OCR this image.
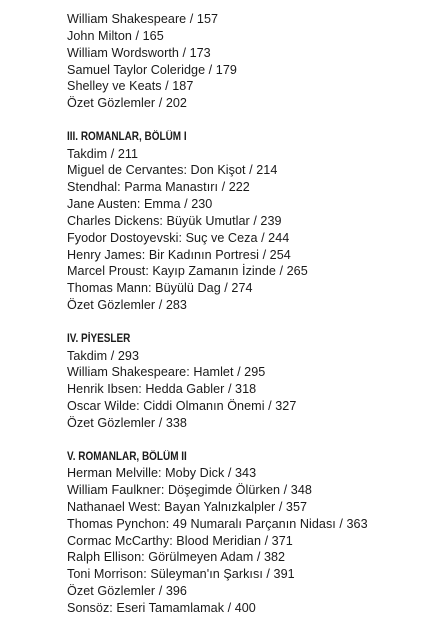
William Shakespeare / 157
John Milton / 165
William Wordsworth / 173
Samuel Taylor Coleridge / 179
Shelley ve Keats / 187
Özet Gözlemler / 202
III. ROMANLAR, BÖLÜM I
Takdim / 211
Miguel de Cervantes: Don Kişot / 214
Stendhal: Parma Manastırı / 222
Jane Austen: Emma / 230
Charles Dickens: Büyük Umutlar / 239
Fyodor Dostoyevski: Suç ve Ceza / 244
Henry James: Bir Kadının Portresi / 254
Marcel Proust: Kayıp Zamanın İzinde / 265
Thomas Mann: Büyülü Dag / 274
Özet Gözlemler / 283
IV. PİYESLER
Takdim / 293
William Shakespeare: Hamlet / 295
Henrik Ibsen: Hedda Gabler / 318
Oscar Wilde: Ciddi Olmanın Önemi / 327
Özet Gözlemler / 338
V. ROMANLAR, BÖLÜM II
Herman Melville: Moby Dick / 343
William Faulkner: Döşegimde Ölürken / 348
Nathanael West: Bayan Yalnızkalpler / 357
Thomas Pynchon: 49 Numaralı Parçanın Nidası / 363
Cormac McCarthy: Blood Meridian / 371
Ralph Ellison: Görülmeyen Adam / 382
Toni Morrison: Süleyman'ın Şarkısı / 391
Özet Gözlemler / 396
Sonsöz: Eseri Tamamlamak / 400
